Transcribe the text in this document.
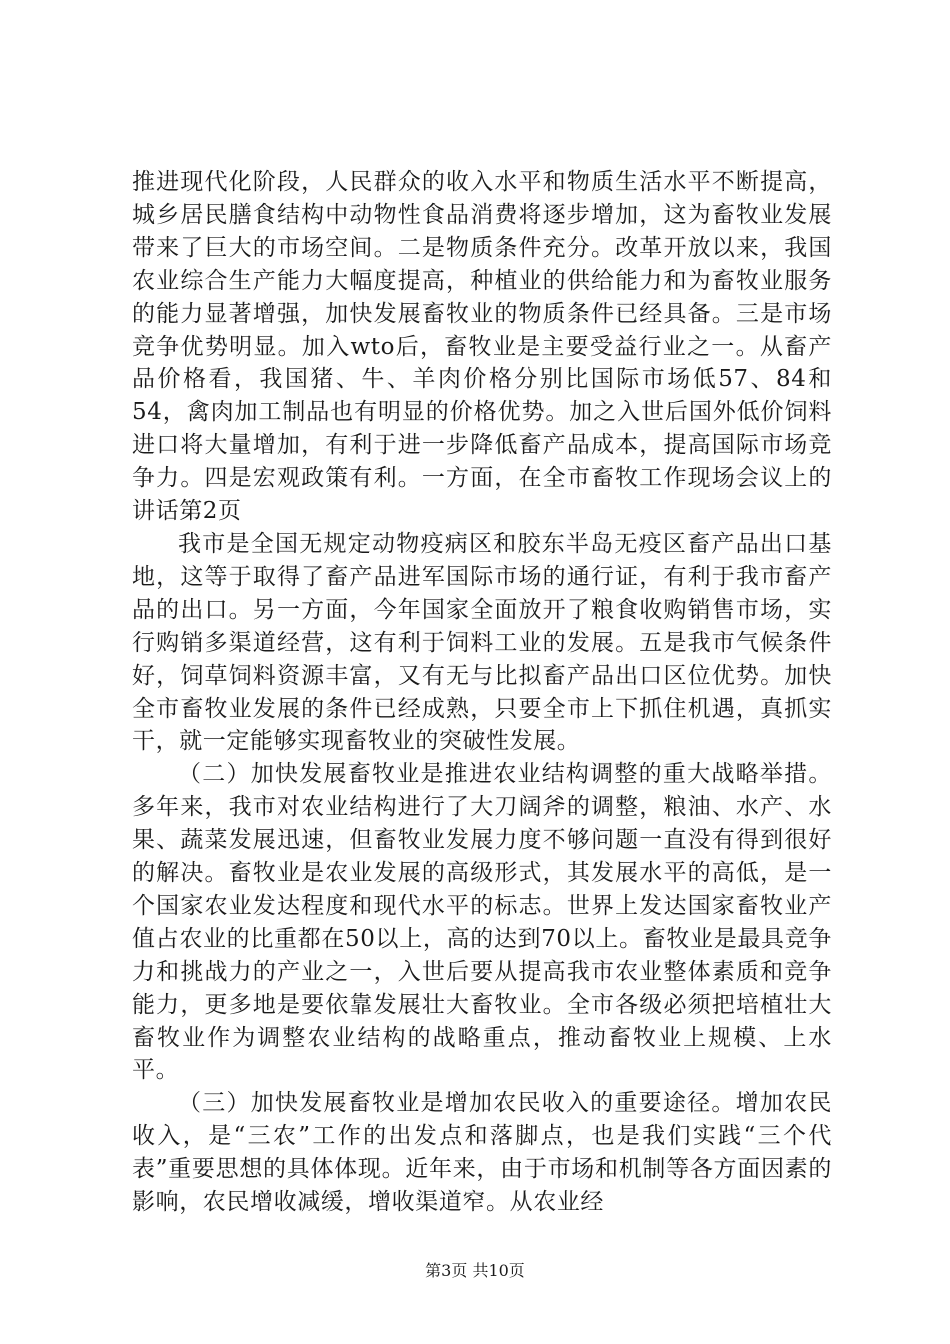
推进现代化阶段，人民群众的收入水平和物质生活水平不断提高，城乡居民膳食结构中动物性食品消费将逐步增加，这为畜牧业发展带来了巨大的市场空间。二是物质条件充分。改革开放以来，我国农业综合生产能力大幅度提高，种植业的供给能力和为畜牧业服务的能力显著增强，加快发展畜牧业的物质条件已经具备。三是市场竞争优势明显。加入wto后，畜牧业是主要受益行业之一。从畜产品价格看，我国猪、牛、羊肉价格分别比国际市场低57、84和54，禽肉加工制品也有明显的价格优势。加之入世后国外低价饲料进口将大量增加，有利于进一步降低畜产品成本，提高国际市场竞争力。四是宏观政策有利。一方面，在全市畜牧工作现场会议上的讲话第2页

我市是全国无规定动物疫病区和胶东半岛无疫区畜产品出口基地，这等于取得了畜产品进军国际市场的通行证，有利于我市畜产品的出口。另一方面，今年国家全面放开了粮食收购销售市场，实行购销多渠道经营，这有利于饲料工业的发展。五是我市气候条件好，饲草饲料资源丰富，又有无与比拟畜产品出口区位优势。加快全市畜牧业发展的条件已经成熟，只要全市上下抓住机遇，真抓实干，就一定能够实现畜牧业的突破性发展。

（二）加快发展畜牧业是推进农业结构调整的重大战略举措。多年来，我市对农业结构进行了大刀阔斧的调整，粮油、水产、水果、蔬菜发展迅速，但畜牧业发展力度不够问题一直没有得到很好的解决。畜牧业是农业发展的高级形式，其发展水平的高低，是一个国家农业发达程度和现代水平的标志。世界上发达国家畜牧业产值占农业的比重都在50以上，高的达到70以上。畜牧业是最具竞争力和挑战力的产业之一，入世后要从提高我市农业整体素质和竞争能力，更多地是要依靠发展壮大畜牧业。全市各级必须把培植壮大畜牧业作为调整农业结构的战略重点，推动畜牧业上规模、上水平。

（三）加快发展畜牧业是增加农民收入的重要途径。增加农民收入，是“三农”工作的出发点和落脚点，也是我们实践“三个代表”重要思想的具体体现。近年来，由于市场和机制等各方面因素的影响，农民增收减缓，增收渠道窄。从农业经

第3页 共10页
